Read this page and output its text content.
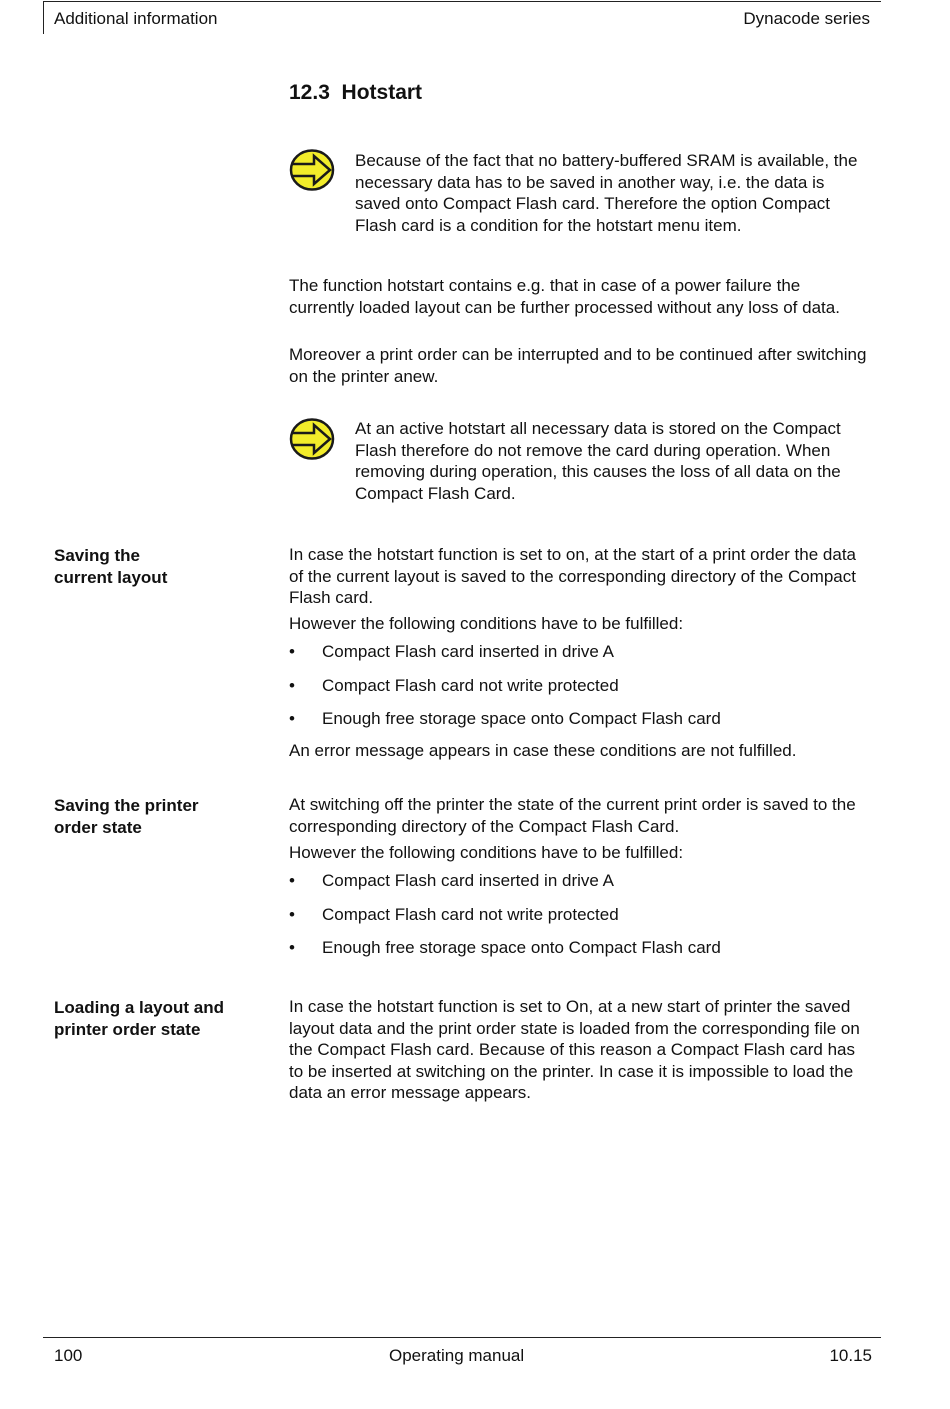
Additional information	Dynacode series
12.3 Hotstart

Because of the fact that no battery-buffered SRAM is available, the necessary data has to be saved in another way, i.e. the data is saved onto Compact Flash card. Therefore the option Compact Flash card is a condition for the hotstart menu item.

The function hotstart contains e.g. that in case of a power failure the currently loaded layout can be further processed without any loss of data.

Moreover a print order can be interrupted and to be continued after switching on the printer anew.

At an active hotstart all necessary data is stored on the Compact Flash therefore do not remove the card during operation. When removing during operation, this causes the loss of all data on the Compact Flash Card.

Saving the
current layout

In case the hotstart function is set to on, at the start of a print order the data of the current layout is saved to the corresponding directory of the Compact Flash card.

However the following conditions have to be fulfilled:

• Compact Flash card inserted in drive A
• Compact Flash card not write protected
• Enough free storage space onto Compact Flash card

An error message appears in case these conditions are not fulfilled.

Saving the printer
order state

At switching off the printer the state of the current print order is saved to the corresponding directory of the Compact Flash Card.

However the following conditions have to be fulfilled:

• Compact Flash card inserted in drive A
• Compact Flash card not write protected
• Enough free storage space onto Compact Flash card
Loading a layout and
printer order state

In case the hotstart function is set to On, at a new start of printer the saved layout data and the print order state is loaded from the corresponding file on the Compact Flash card. Because of this reason a Compact Flash card has to be inserted at switching on the printer. In case it is impossible to load the data an error message appears.

100	Operating manual	10.15
